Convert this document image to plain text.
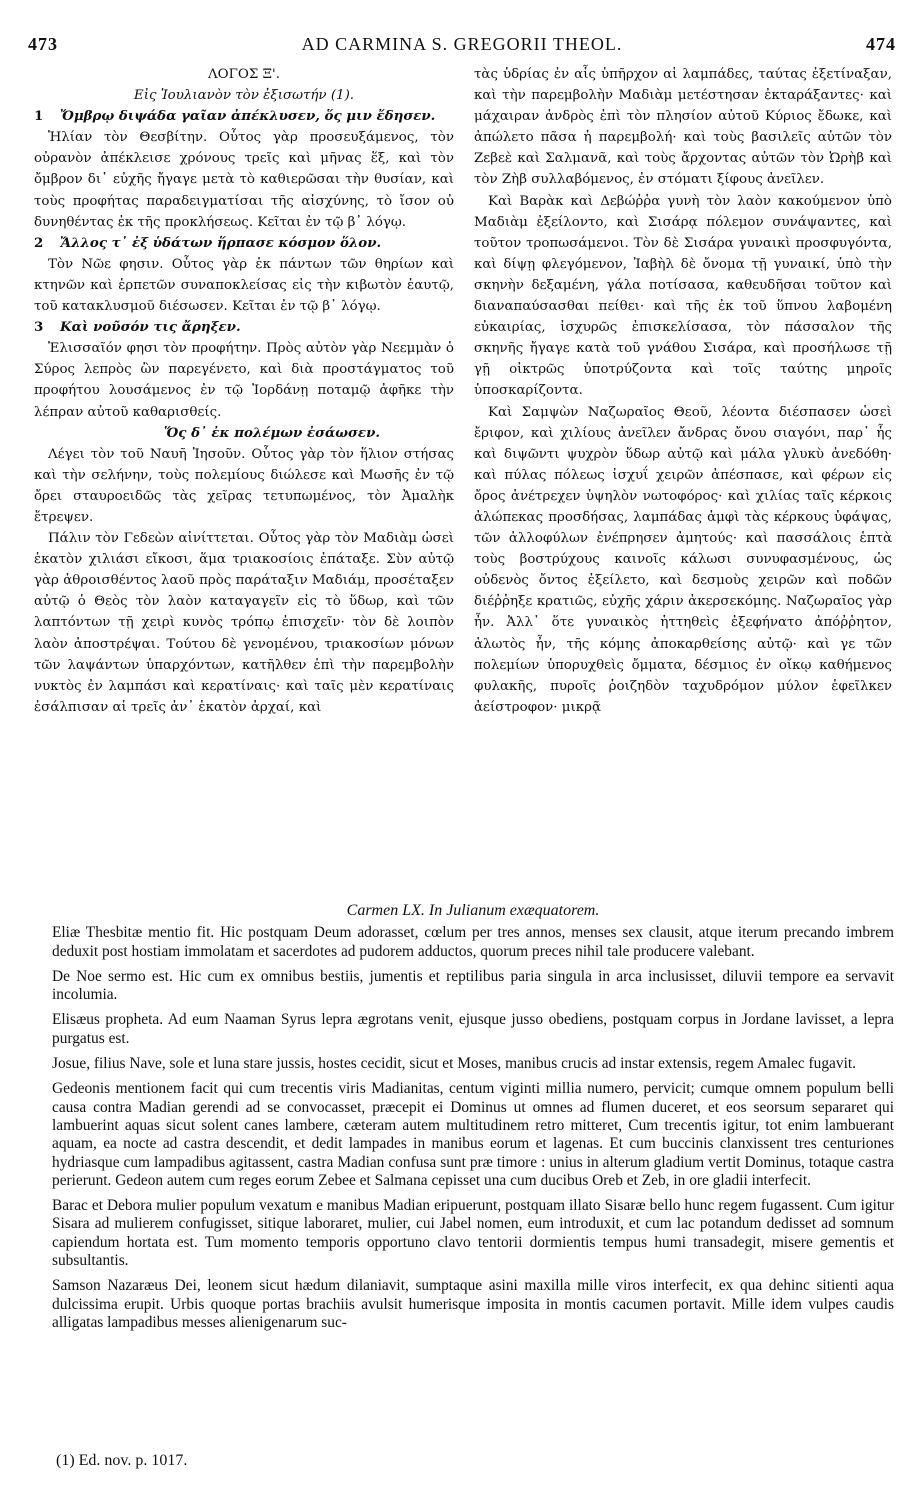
473	AD CARMINA S. GREGORII THEOL.	474

ΛΟΓΟΣ Ξ'.

Εἰς Ἰουλιανὸν τὸν ἐξισωτήν (1).

1 Ὄμβρῳ διψάδα γαῖαν ἀπέκλυσεν, ὅς μιν ἔδησεν.

Ἡλίαν τὸν Θεσβίτην. Οὗτος γὰρ προσευξάμενος, τὸν οὐρανὸν ἀπέκλεισε χρόνους τρεῖς καὶ μῆνας ἕξ, καὶ τὸν ὄμβρον δι᾽ εὐχῆς ἤγαγε μετὰ τὸ καθιερῶσαι τὴν θυσίαν, καὶ τοὺς προφήτας παραδειγματίσαι τῆς αἰσχύνης, τὸ ἴσον οὐ δυνηθέντας ἐκ τῆς προκλήσεως. Κεῖται ἐν τῷ β᾽ λόγῳ.

2 Ἄλλος τ᾽ ἐξ ὑδάτων ἥρπασε κόσμον ὅλον.

Τὸν Νῶε φησιν. Οὗτος γὰρ ἐκ πάντων τῶν θηρίων καὶ κτηνῶν καὶ ἑρπετῶν συναποκλείσας εἰς τὴν κιβωτὸν ἑαυτῷ, τοῦ κατακλυσμοῦ διέσωσεν. Κεῖται ἐν τῷ β᾽ λόγῳ.

3 Καὶ νοῦσόν τις ἄρηξεν.

Ἐλισσαῖόν φησι τὸν προφήτην. Πρὸς αὐτὸν γὰρ Νεεμμὰν ὁ Σύρος λεπρὸς ὢν παρεγένετο, καὶ διὰ προστάγματος τοῦ προφήτου λουσάμενος ἐν τῷ Ἰορδάνῃ ποταμῷ ἀφῆκε τὴν λέπραν αὐτοῦ καθαρισθείς.

Ὅς δ᾽ ἐκ πολέμων ἐσάωσεν.

Λέγει τὸν τοῦ Ναυῆ Ἰησοῦν. Οὗτος γὰρ τὸν ἥλιον στήσας καὶ τὴν σελήνην, τοὺς πολεμίους διώλεσε καὶ Μωσῆς ἐν τῷ ὄρει σταυροειδῶς τὰς χεῖρας τετυπωμένος, τὸν Ἀμαλὴκ ἔτρεψεν.

Πάλιν τὸν Γεδεὼν αἰνίττεται. Οὗτος γὰρ τὸν Μαδιὰμ ὡσεὶ ἑκατὸν χιλιάσι εἴκοσι, ἅμα τριακοσίοις ἐπάταξε. Σὺν αὐτῷ γὰρ ἀθροισθέντος λαοῦ πρὸς παράταξιν Μαδιάμ, προσέταξεν αὐτῷ ὁ Θεὸς τὸν λαὸν καταγαγεῖν εἰς τὸ ὕδωρ, καὶ τῶν λαπτόντων τῇ χειρὶ κυνὸς τρόπῳ ἐπισχεῖν· τὸν δὲ λοιπὸν λαὸν ἀποστρέψαι. Τούτου δὲ γενομένου, τριακοσίων μόνων τῶν λαψάντων ὑπαρχόντων, κατῆλθεν ἐπὶ τὴν παρεμβολὴν νυκτὸς ἐν λαμπάσι καὶ κερατίναις· καὶ ταῖς μὲν κερατίναις ἐσάλπισαν αἱ τρεῖς ἀν᾽ ἑκατὸν ἀρχαί, καὶ

τὰς ὑδρίας ἐν αἷς ὑπῆρχον αἱ λαμπάδες, ταύτας ἐξετίναξαν, καὶ τὴν παρεμβολὴν Μαδιὰμ μετέστησαν ἐκταράξαντες· καὶ μάχαιραν ἀνδρὸς ἐπὶ τὸν πλησίον αὐτοῦ Κύριος ἔδωκε, καὶ ἀπώλετο πᾶσα ἡ παρεμβολή· καὶ τοὺς βασιλεῖς αὐτῶν τὸν Ζεβεὲ καὶ Σαλμανᾶ, καὶ τοὺς ἄρχοντας αὐτῶν τὸν Ὠρὴβ καὶ τὸν Ζὴβ συλλαβόμενος, ἐν στόματι ξίφους ἀνεῖλεν.

Καὶ Βαρὰκ καὶ Δεβώῤῥα γυνὴ τὸν λαὸν κακούμενον ὑπὸ Μαδιὰμ ἐξείλοντο, καὶ Σισάρᾳ πόλεμον συνάψαντες, καὶ τοῦτον τροπωσάμενοι. Τὸν δὲ Σισάρα γυναικὶ προσφυγόντα, καὶ δίψῃ φλεγόμενον, Ἰαβὴλ δὲ ὄνομα τῇ γυναικί, ὑπὸ τὴν σκηνὴν δεξαμένη, γάλα ποτίσασα, καθευδῆσαι τοῦτον καὶ διαναπαύσασθαι πείθει· καὶ τῆς ἐκ τοῦ ὕπνου λαβομένη εὐκαιρίας, ἰσχυρῶς ἐπισκελίσασα, τὸν πάσσαλον τῆς σκηνῆς ἤγαγε κατὰ τοῦ γνάθου Σισάρα, καὶ προσήλωσε τῇ γῇ οἰκτρῶς ὑποτρύζοντα καὶ τοῖς ταύτης μηροῖς ὑποσκαρίζοντα.

Καὶ Σαμψὼν Ναζωραῖος Θεοῦ, λέοντα διέσπασεν ὡσεὶ ἔριφον, καὶ χιλίους ἀνεῖλεν ἄνδρας ὄνου σιαγόνι, παρ᾽ ἧς καὶ διψῶντι ψυχρὸν ὕδωρ αὐτῷ καὶ μάλα γλυκὺ ἀνεδόθη· καὶ πύλας πόλεως ἰσχυΐ χειρῶν ἀπέσπασε, καὶ φέρων εἰς ὄρος ἀνέτρεχεν ὑψηλὸν νωτοφόρος· καὶ χιλίας ταῖς κέρκοις ἀλώπεκας προσδήσας, λαμπάδας ἀμφὶ τὰς κέρκους ὑφάψας, τῶν ἀλλοφύλων ἐνέπρησεν ἀμητούς· καὶ πασσάλοις ἑπτὰ τοὺς βοστρύχους καινοῖς κάλωσι συνυφασμένους, ὡς οὐδενὸς ὄντος ἐξείλετο, καὶ δεσμοὺς χειρῶν καὶ ποδῶν διέῤῥηξε κρατιῶς, εὐχῆς χάριν ἀκερσεκόμης. Ναζωραῖος γὰρ ἦν. Ἀλλ᾽ ὅτε γυναικὸς ἡττηθεὶς ἐξεφήνατο ἀπόῤῥητον, ἁλωτὸς ἦν, τῆς κόμης ἀποκαρθείσης αὐτῷ· καὶ γε τῶν πολεμίων ὑπορυχθεὶς ὄμματα, δέσμιος ἐν οἴκῳ καθήμενος φυλακῆς, πυροῖς ῥοιζηδὸν ταχυδρόμον μύλον ἐφεῖλκεν ἀείστροφον· μικρᾷ

Carmen LX. In Julianum exæquatorem.

Eliæ Thesbitæ mentio fit. Hic postquam Deum adorasset, cœlum per tres annos, menses sex clausit, atque iterum precando imbrem deduxit post hostiam immolatam et sacerdotes ad pudorem adductos, quorum preces nihil tale producere valebant.

De Noe sermo est. Hic cum ex omnibus bestiis, jumentis et reptilibus paria singula in arca inclusisset, diluvii tempore ea servavit incolumia.

Elisæus propheta. Ad eum Naaman Syrus lepra ægrotans venit, ejusque jusso obediens, postquam corpus in Jordane lavisset, a lepra purgatus est.

Josue, filius Nave, sole et luna stare jussis, hostes cecidit, sicut et Moses, manibus crucis ad instar extensis, regem Amalec fugavit.

Gedeonis mentionem facit qui cum trecentis viris Madianitas, centum viginti millia numero, pervicit; cumque omnem populum belli causa contra Madian gerendi ad se convocasset, præcepit ei Dominus ut omnes ad flumen duceret, et eos seorsum separaret qui lambuerint aquas sicut solent canes lambere, cæteram autem multitudinem retro mitteret, Cum trecentis igitur, tot enim lambuerant aquam, ea nocte ad castra descendit, et dedit lampades in manibus eorum et lagenas. Et cum buccinis clanxissent tres centuriones hydriasque cum lampadibus agitassent, castra Madian confusa sunt præ timore : unius in alterum gladium vertit Dominus, totaque castra perierunt. Gedeon autem cum reges eorum Zebee et Salmana cepisset una cum ducibus Oreb et Zeb, in ore gladii interfecit.

Barac et Debora mulier populum vexatum e manibus Madian eripuerunt, postquam illato Sisaræ bello hunc regem fugassent. Cum igitur Sisara ad mulierem confugisset, sitique laboraret, mulier, cui Jabel nomen, eum introduxit, et cum lac potandum dedisset ad somnum capiendum hortata est. Tum momento temporis opportuno clavo tentorii dormientis tempus humi transadegit, misere gementis et subsultantis.

Samson Nazaræus Dei, leonem sicut hædum dilaniavit, sumptaque asini maxilla mille viros interfecit, ex qua dehinc sitienti aqua dulcissima erupit. Urbis quoque portas brachiis avulsit humerisque imposita in montis cacumen portavit. Mille idem vulpes caudis alligatas lampadibus messes alienigenarum suc-

(1) Ed. nov. p. 1017.
